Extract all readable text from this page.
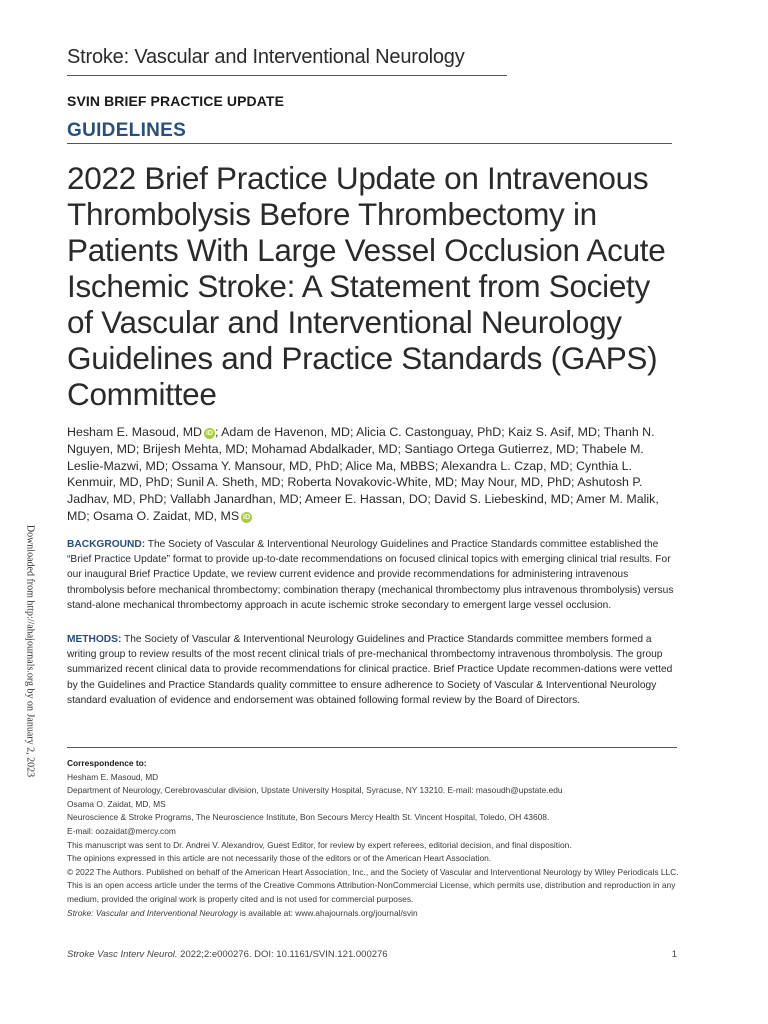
Stroke: Vascular and Interventional Neurology
SVIN BRIEF PRACTICE UPDATE
GUIDELINES
2022 Brief Practice Update on Intravenous Thrombolysis Before Thrombectomy in Patients With Large Vessel Occlusion Acute Ischemic Stroke: A Statement from Society of Vascular and Interventional Neurology Guidelines and Practice Standards (GAPS) Committee
Hesham E. Masoud, MD iD ; Adam de Havenon, MD; Alicia C. Castonguay, PhD; Kaiz S. Asif, MD; Thanh N. Nguyen, MD; Brijesh Mehta, MD; Mohamad Abdalkader, MD; Santiago Ortega Gutierrez, MD; Thabele M. Leslie-Mazwi, MD; Ossama Y. Mansour, MD, PhD; Alice Ma, MBBS; Alexandra L. Czap, MD; Cynthia L. Kenmuir, MD, PhD; Sunil A. Sheth, MD; Roberta Novakovic-White, MD; May Nour, MD, PhD; Ashutosh P. Jadhav, MD, PhD; Vallabh Janardhan, MD; Ameer E. Hassan, DO; David S. Liebeskind, MD; Amer M. Malik, MD; Osama O. Zaidat, MD, MS iD
BACKGROUND: The Society of Vascular & Interventional Neurology Guidelines and Practice Standards committee established the “Brief Practice Update” format to provide up-to-date recommendations on focused clinical topics with emerging clinical trial results. For our inaugural Brief Practice Update, we review current evidence and provide recommendations for administering intravenous thrombolysis before mechanical thrombectomy; combination therapy (mechanical thrombectomy plus intravenous thrombolysis) versus stand-alone mechanical thrombectomy approach in acute ischemic stroke secondary to emergent large vessel occlusion.
METHODS: The Society of Vascular & Interventional Neurology Guidelines and Practice Standards committee members formed a writing group to review results of the most recent clinical trials of pre-mechanical thrombectomy intravenous thrombolysis. The group summarized recent clinical data to provide recommendations for clinical practice. Brief Practice Update recommen-dations were vetted by the Guidelines and Practice Standards quality committee to ensure adherence to Society of Vascular & Interventional Neurology standard evaluation of evidence and endorsement was obtained following formal review by the Board of Directors.
Correspondence to:
Hesham E. Masoud, MD
Department of Neurology, Cerebrovascular division, Upstate University Hospital, Syracuse, NY 13210. E-mail: masoudh@upstate.edu
Osama O. Zaidat, MD, MS
Neuroscience & Stroke Programs, The Neuroscience Institute, Bon Secours Mercy Health St. Vincent Hospital, Toledo, OH 43608.
E-mail: oozaidat@mercy.com
This manuscript was sent to Dr. Andrei V. Alexandrov, Guest Editor, for review by expert referees, editorial decision, and final disposition.
The opinions expressed in this article are not necessarily those of the editors or of the American Heart Association.
© 2022 The Authors. Published on behalf of the American Heart Association, Inc., and the Society of Vascular and Interventional Neurology by Wiley Periodicals LLC. This is an open access article under the terms of the Creative Commons Attribution-NonCommercial License, which permits use, distribution and reproduction in any medium, provided the original work is properly cited and is not used for commercial purposes.
Stroke: Vascular and Interventional Neurology is available at: www.ahajournals.org/journal/svin
Stroke Vasc Interv Neurol. 2022;2:e000276. DOI: 10.1161/SVIN.121.000276	1
Downloaded from http://ahajournals.org by on January 2, 2023
